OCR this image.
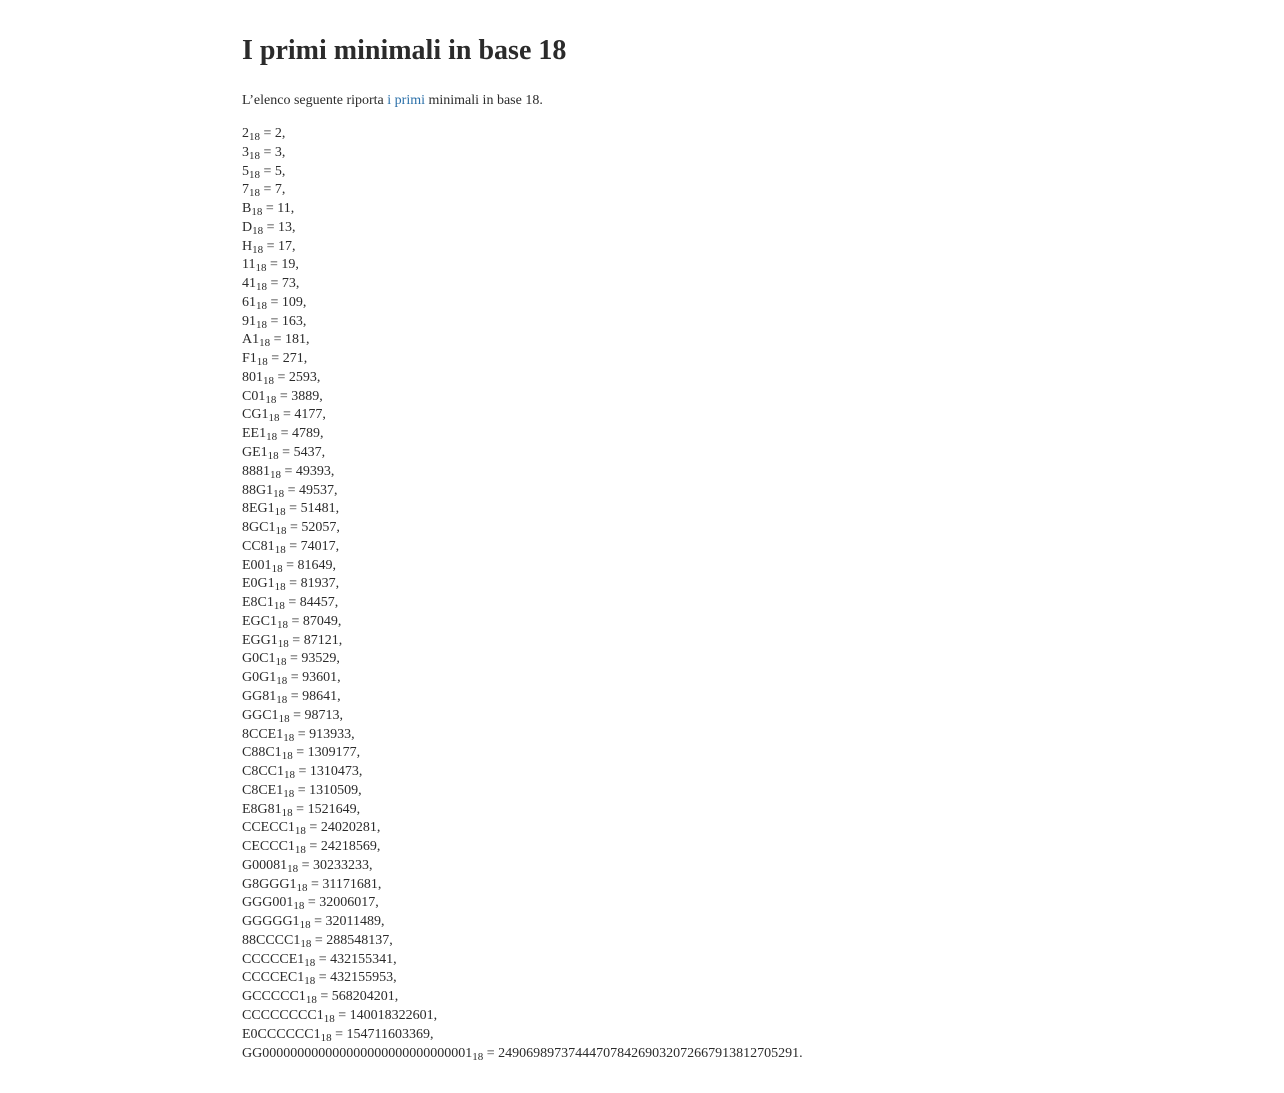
I primi minimali in base 18

L’elenco seguente riporta i primi minimali in base 18.

$2_{18} = 2$,
$3_{18} = 3$,
$5_{18} = 5$,
$7_{18} = 7$,
$B_{18} = 11$,
$D_{18} = 13$,
$H_{18} = 17$,
$11_{18} = 19$,
$41_{18} = 73$,
$61_{18} = 109$,
$91_{18} = 163$,
$A1_{18} = 181$,
$F1_{18} = 271$,
$801_{18} = 2593$,
$C01_{18} = 3889$,
$CG1_{18} = 4177$,
$EE1_{18} = 4789$,
$GE1_{18} = 5437$,
$8881_{18} = 49393$,
$88G1_{18} = 49537$,
$8EG1_{18} = 51481$,
$8GC1_{18} = 52057$,
$CC81_{18} = 74017$,
$E001_{18} = 81649$,
$E0G1_{18} = 81937$,
$E8C1_{18} = 84457$,
$EGC1_{18} = 87049$,
$EGG1_{18} = 87121$,
$G0C1_{18} = 93529$,
$G0G1_{18} = 93601$,
$GG81_{18} = 98641$,
$GGC1_{18} = 98713$,
$8CCE1_{18} = 913933$,
$C88C1_{18} = 1309177$,
$C8CC1_{18} = 1310473$,
$C8CE1_{18} = 1310509$,
$E8G81_{18} = 1521649$,
$CCECC1_{18} = 24020281$,
$CECCC1_{18} = 24218569$,
$G00081_{18} = 30233233$,
$G8GGG1_{18} = 31171681$,
$GGG001_{18} = 32006017$,
$GGGGG1_{18} = 32011489$,
$88CCCC1_{18} = 288548137$,
$CCCCCE1_{18} = 432155341$,
$CCCCEC1_{18} = 432155953$,
$GCCCCC1_{18} = 568204201$,
$CCCCCCCC1_{18} = 140018322601$,
$E0CCCCCC1_{18} = 154711603369$,
$GG000000000000000000000000000001_{18} = 2490698973744470784269032072667913812705291$.
